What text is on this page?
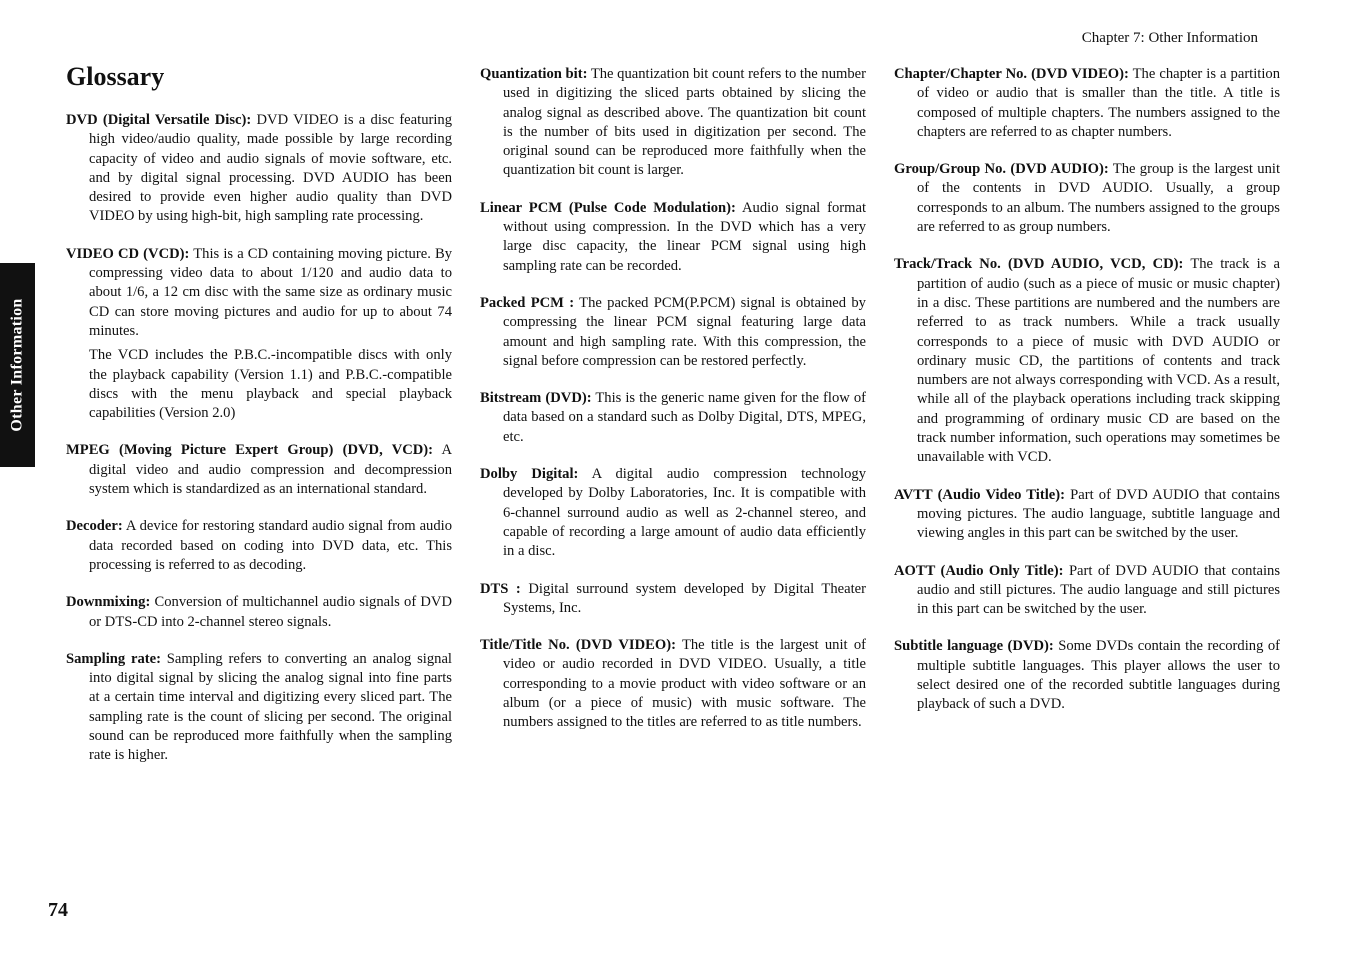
Chapter 7: Other Information
Other Information
Glossary

DVD (Digital Versatile Disc): DVD VIDEO is a disc featuring high video/audio quality, made possible by large recording capacity of video and audio signals of movie software, etc. and by digital signal processing. DVD AUDIO has been desired to provide even higher audio quality than DVD VIDEO by using high-bit, high sampling rate processing.

VIDEO CD (VCD): This is a CD containing moving picture. By compressing video data to about 1/120 and audio data to about 1/6, a 12 cm disc with the same size as ordinary music CD can store moving pictures and audio for up to about 74 minutes.

The VCD includes the P.B.C.-incompatible discs with only the playback capability (Version 1.1) and P.B.C.-compatible discs with the menu playback and special playback capabilities (Version 2.0)

MPEG (Moving Picture Expert Group) (DVD, VCD): A digital video and audio compression and decompression system which is standardized as an international standard.

Decoder: A device for restoring standard audio signal from audio data recorded based on coding into DVD data, etc. This processing is referred to as decoding.

Downmixing: Conversion of multichannel audio signals of DVD or DTS-CD into 2-channel stereo signals.

Sampling rate: Sampling refers to converting an analog signal into digital signal by slicing the analog signal into fine parts at a certain time interval and digitizing every sliced part. The sampling rate is the count of slicing per second. The original sound can be reproduced more faithfully when the sampling rate is higher.

Quantization bit: The quantization bit count refers to the number used in digitizing the sliced parts obtained by slicing the analog signal as described above. The quantization bit count is the number of bits used in digitization per second. The original sound can be reproduced more faithfully when the quantization bit count is larger.

Linear PCM (Pulse Code Modulation): Audio signal format without using compression. In the DVD which has a very large disc capacity, the linear PCM signal using high sampling rate can be recorded.

Packed PCM : The packed PCM(P.PCM) signal is obtained by compressing the linear PCM signal featuring large data amount and high sampling rate. With this compression, the signal before compression can be restored perfectly.

Bitstream (DVD): This is the generic name given for the flow of data based on a standard such as Dolby Digital, DTS, MPEG, etc.

Dolby Digital: A digital audio compression technology developed by Dolby Laboratories, Inc. It is compatible with 6-channel surround audio as well as 2-channel stereo, and capable of recording a large amount of audio data efficiently in a disc.

DTS : Digital surround system developed by Digital Theater Systems, Inc.

Title/Title No. (DVD VIDEO): The title is the largest unit of video or audio recorded in DVD VIDEO. Usually, a title corresponding to a movie product with video software or an album (or a piece of music) with music software. The numbers assigned to the titles are referred to as title numbers.

Chapter/Chapter No. (DVD VIDEO): The chapter is a partition of video or audio that is smaller than the title. A title is composed of multiple chapters. The numbers assigned to the chapters are referred to as chapter numbers.

Group/Group No. (DVD AUDIO): The group is the largest unit of the contents in DVD AUDIO. Usually, a group corresponds to an album. The numbers assigned to the groups are referred to as group numbers.

Track/Track No. (DVD AUDIO, VCD, CD): The track is a partition of audio (such as a piece of music or music chapter) in a disc. These partitions are numbered and the numbers are referred to as track numbers. While a track usually corresponds to a piece of music with DVD AUDIO or ordinary music CD, the partitions of contents and track numbers are not always corresponding with VCD. As a result, while all of the playback operations including track skipping and programming of ordinary music CD are based on the track number information, such operations may sometimes be unavailable with VCD.

AVTT (Audio Video Title): Part of DVD AUDIO that contains moving pictures. The audio language, subtitle language and viewing angles in this part can be switched by the user.

AOTT (Audio Only Title): Part of DVD AUDIO that contains audio and still pictures. The audio language and still pictures in this part can be switched by the user.

Subtitle language (DVD): Some DVDs contain the recording of multiple subtitle languages. This player allows the user to select desired one of the recorded subtitle languages during playback of such a DVD.

74
